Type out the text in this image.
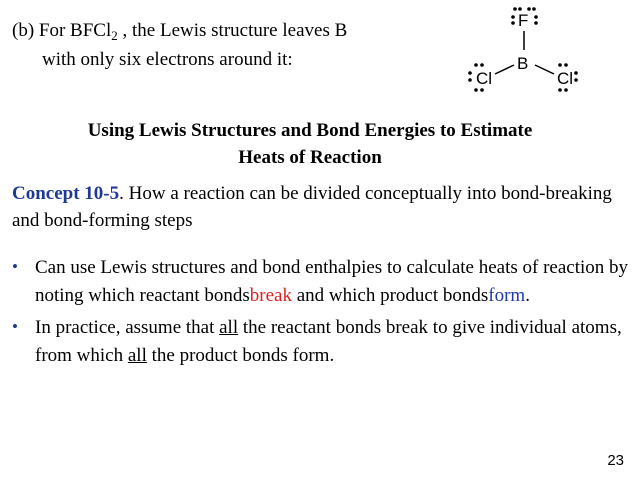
(b) For BFCl$_2$ , the Lewis structure leaves B
with only six electrons around it:
F
B
Cl	Cl
Using Lewis Structures and Bond Energies to Estimate
Heats of Reaction
Concept 10-5. How a reaction can be divided conceptually into bond-breaking and bond-forming steps
• Can use Lewis structures and bond enthalpies to calculate heats of reaction by noting which reactant bondsbreak and which product bondsform.
• In practice, assume that all the reactant bonds break to give individual atoms, from which all the product bonds form.
23
